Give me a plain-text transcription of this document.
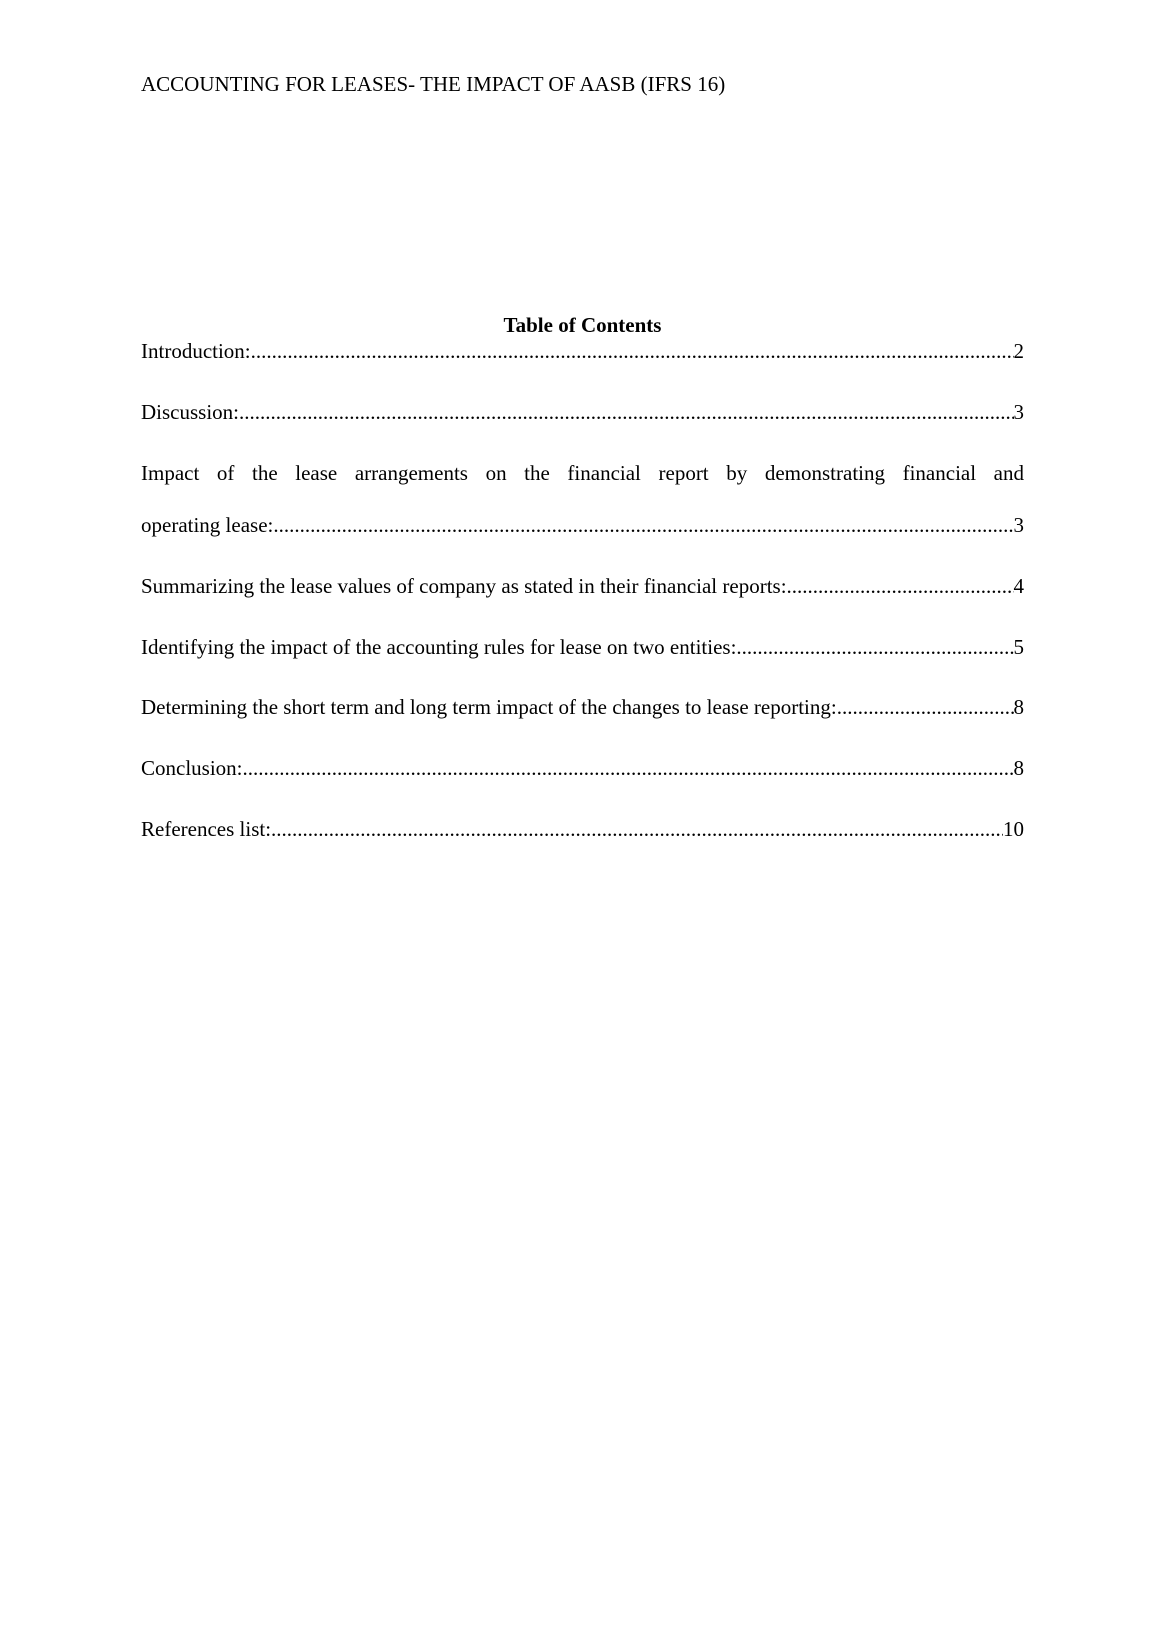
ACCOUNTING FOR LEASES- THE IMPACT OF AASB (IFRS 16)
Table of Contents
Introduction: .....	2
Discussion: .....	3
Impact of the lease arrangements on the financial report by demonstrating financial and
operating lease: .....	3
Summarizing the lease values of company as stated in their financial reports: .....	4
Identifying the impact of the accounting rules for lease on two entities: .....	5
Determining the short term and long term impact of the changes to lease reporting: .....	8
Conclusion: .....	8
References list: .....	10
